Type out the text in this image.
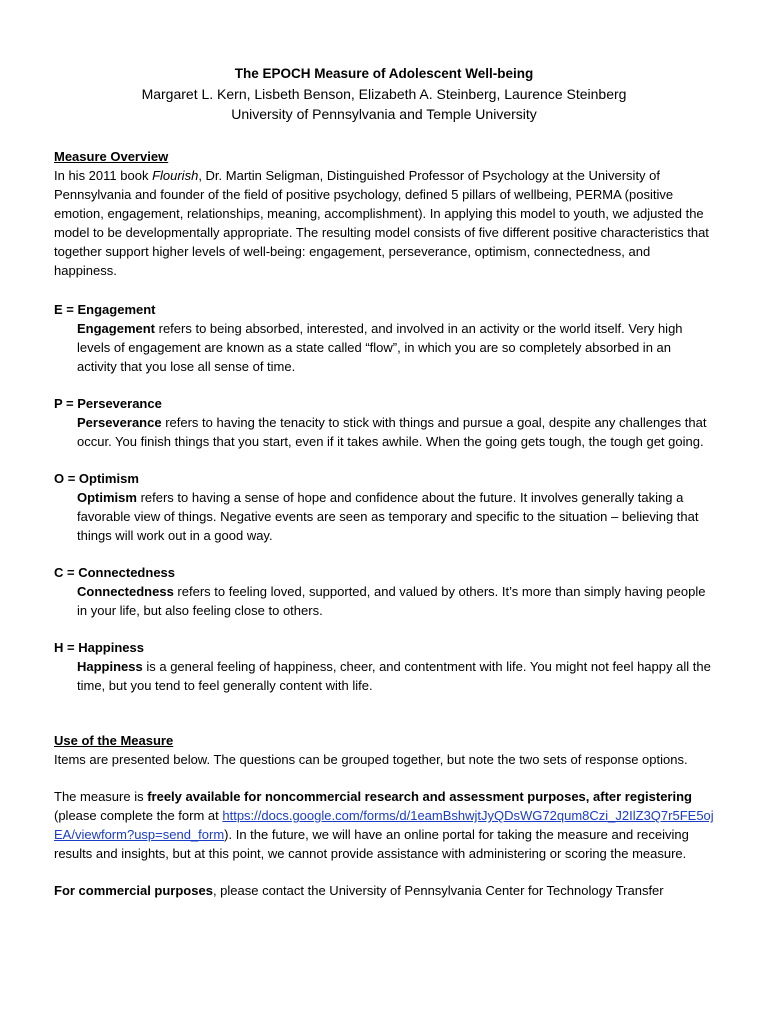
The EPOCH Measure of Adolescent Well-being
Margaret L. Kern, Lisbeth Benson, Elizabeth A. Steinberg, Laurence Steinberg
University of Pennsylvania and Temple University
Measure Overview

In his 2011 book Flourish, Dr. Martin Seligman, Distinguished Professor of Psychology at the University of Pennsylvania and founder of the field of positive psychology, defined 5 pillars of wellbeing, PERMA (positive emotion, engagement, relationships, meaning, accomplishment). In applying this model to youth, we adjusted the model to be developmentally appropriate. The resulting model consists of five different positive characteristics that together support higher levels of well-being: engagement, perseverance, optimism, connectedness, and happiness.

E = Engagement

Engagement refers to being absorbed, interested, and involved in an activity or the world itself. Very high levels of engagement are known as a state called “flow”, in which you are so completely absorbed in an activity that you lose all sense of time.

P = Perseverance

Perseverance refers to having the tenacity to stick with things and pursue a goal, despite any challenges that occur. You finish things that you start, even if it takes awhile. When the going gets tough, the tough get going.

O = Optimism

Optimism refers to having a sense of hope and confidence about the future. It involves generally taking a favorable view of things. Negative events are seen as temporary and specific to the situation – believing that things will work out in a good way.

C = Connectedness

Connectedness refers to feeling loved, supported, and valued by others. It’s more than simply having people in your life, but also feeling close to others.

H = Happiness

Happiness is a general feeling of happiness, cheer, and contentment with life. You might not feel happy all the time, but you tend to feel generally content with life.

Use of the Measure

Items are presented below. The questions can be grouped together, but note the two sets of response options.

The measure is freely available for noncommercial research and assessment purposes, after registering (please complete the form at https://docs.google.com/forms/d/1eamBshwjtJyQDsWG72qum8Czi_J2IlZ3Q7r5FE5ojEA/viewform?usp=send_form). In the future, we will have an online portal for taking the measure and receiving results and insights, but at this point, we cannot provide assistance with administering or scoring the measure.

For commercial purposes, please contact the University of Pennsylvania Center for Technology Transfer
